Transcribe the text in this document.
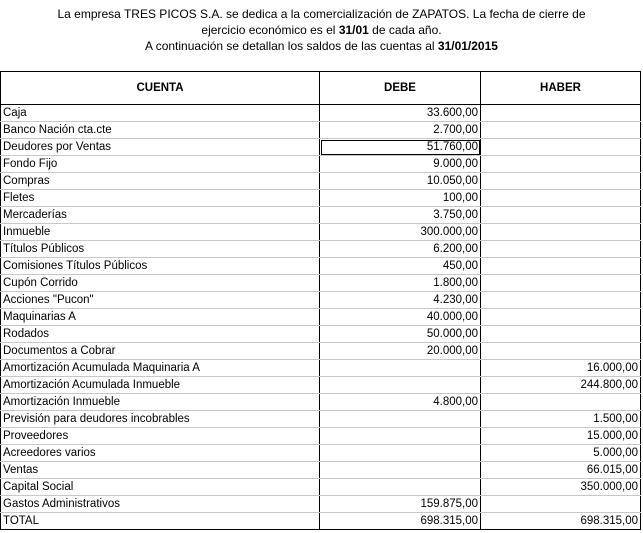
La empresa TRES PICOS S.A. se dedica a la comercialización de ZAPATOS. La fecha de cierre de
ejercicio económico es el 31/01 de cada año.
A continuación se detallan los saldos de las cuentas al 31/01/2015
CUENTA	DEBE	HABER
Caja	33.600,00	
Banco Nación cta.cte	2.700,00	
Deudores por Ventas	51.760,00	
Fondo Fijo	9.000,00	
Compras	10.050,00	
Fletes	100,00	
Mercaderías	3.750,00	
Inmueble	300.000,00	
Títulos Públicos	6.200,00	
Comisiones Títulos Públicos	450,00	
Cupón Corrido	1.800,00	
Acciones "Pucon"	4.230,00	
Maquinarias A	40.000,00	
Rodados	50.000,00	
Documentos a Cobrar	20.000,00	
Amortización Acumulada Maquinaria A		16.000,00
Amortización Acumulada Inmueble		244.800,00
Amortización Inmueble	4.800,00	
Previsión para deudores incobrables		1.500,00
Proveedores		15.000,00
Acreedores varios		5.000,00
Ventas		66.015,00
Capital Social		350.000,00
Gastos Administrativos	159.875,00	
TOTAL	698.315,00	698.315,00
